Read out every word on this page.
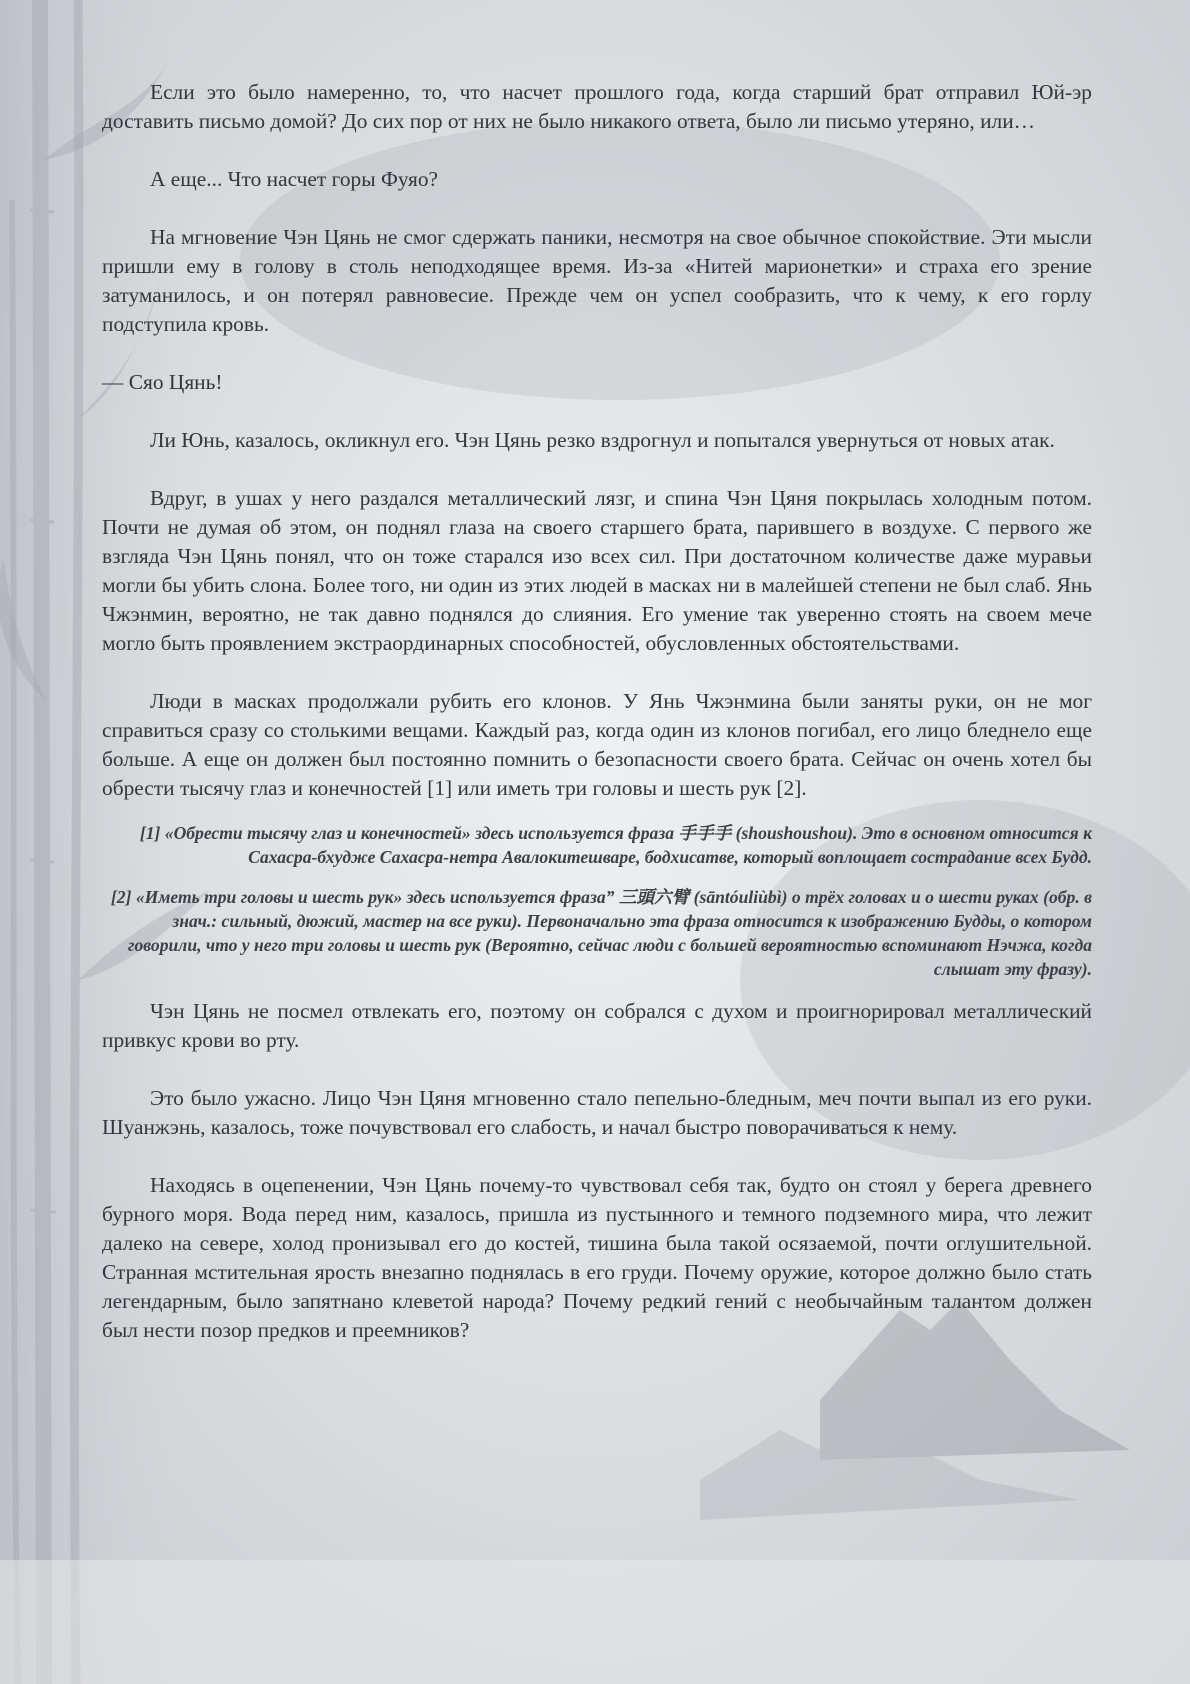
Если это было намеренно, то, что насчет прошлого года, когда старший брат отправил Юй-эр доставить письмо домой? До сих пор от них не было никакого ответа, было ли письмо утеряно, или…

А еще... Что насчет горы Фуяо?

На мгновение Чэн Цянь не смог сдержать паники, несмотря на свое обычное спокойствие. Эти мысли пришли ему в голову в столь неподходящее время. Из-за «Нитей марионетки» и страха его зрение затуманилось, и он потерял равновесие. Прежде чем он успел сообразить, что к чему, к его горлу подступила кровь.

— Сяо Цянь!

Ли Юнь, казалось, окликнул его. Чэн Цянь резко вздрогнул и попытался увернуться от новых атак.

Вдруг, в ушах у него раздался металлический лязг, и спина Чэн Цяня покрылась холодным потом. Почти не думая об этом, он поднял глаза на своего старшего брата, парившего в воздухе. С первого же взгляда Чэн Цянь понял, что он тоже старался изо всех сил. При достаточном количестве даже муравьи могли бы убить слона. Более того, ни один из этих людей в масках ни в малейшей степени не был слаб. Янь Чжэнмин, вероятно, не так давно поднялся до слияния. Его умение так уверенно стоять на своем мече могло быть проявлением экстраординарных способностей, обусловленных обстоятельствами.

Люди в масках продолжали рубить его клонов. У Янь Чжэнмина были заняты руки, он не мог справиться сразу со столькими вещами. Каждый раз, когда один из клонов погибал, его лицо бледнело еще больше. А еще он должен был постоянно помнить о безопасности своего брата. Сейчас он очень хотел бы обрести тысячу глаз и конечностей [1] или иметь три головы и шесть рук [2].

[1] «Обрести тысячу глаз и конечностей» здесь используется фраза 手手手 (shoushoushou). Это в основном относится к Сахасра-бхудже Сахасра-нетра Авалокитешваре, бодхисатве, который воплощает сострадание всех Будд.

[2] «Иметь три головы и шесть рук» здесь используется фраза” 三頭六臂 (sāntóuliùbì) о трёх головах и о шести руках (обр. в знач.: сильный, дюжий, мастер на все руки). Первоначально эта фраза относится к изображению Будды, о котором говорили, что у него три головы и шесть рук (Вероятно, сейчас люди с большей вероятностью вспоминают Нэчжа, когда слышат эту фразу).

Чэн Цянь не посмел отвлекать его, поэтому он собрался с духом и проигнорировал металлический привкус крови во рту.

Это было ужасно. Лицо Чэн Цяня мгновенно стало пепельно-бледным, меч почти выпал из его руки. Шуанжэнь, казалось, тоже почувствовал его слабость, и начал быстро поворачиваться к нему.

Находясь в оцепенении, Чэн Цянь почему-то чувствовал себя так, будто он стоял у берега древнего бурного моря. Вода перед ним, казалось, пришла из пустынного и темного подземного мира, что лежит далеко на севере, холод пронизывал его до костей, тишина была такой осязаемой, почти оглушительной. Странная мстительная ярость внезапно поднялась в его груди. Почему оружие, которое должно было стать легендарным, было запятнано клеветой народа? Почему редкий гений с необычайным талантом должен был нести позор предков и преемников?
